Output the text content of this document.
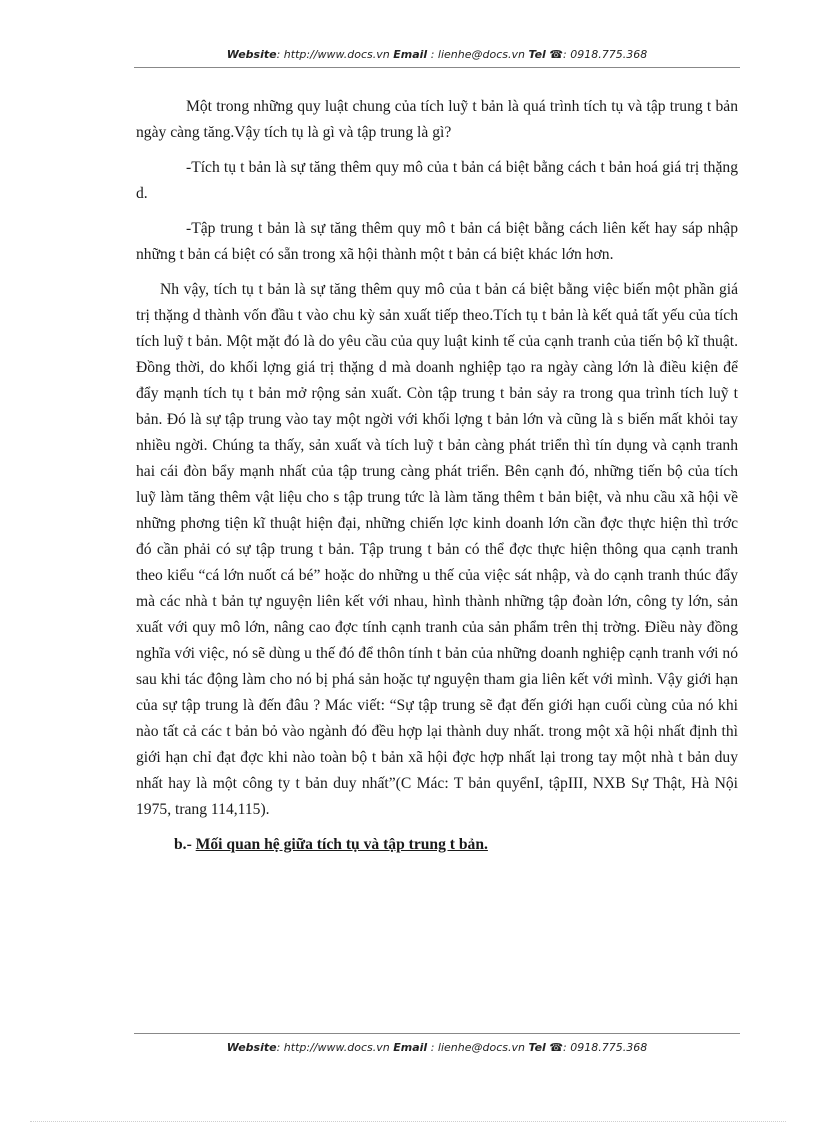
Website: http://www.docs.vn Email : lienhe@docs.vn Tel ☎: 0918.775.368

Một trong những quy luật chung của tích luỹ t bản là quá trình tích tụ và tập trung t bản ngày càng tăng.Vậy tích tụ là gì và tập trung là gì?

-Tích tụ t bản là sự tăng thêm quy mô của t bản cá biệt bằng cách t bản hoá giá trị thặng d.

-Tập trung t bản là sự tăng thêm quy mô t bản cá biệt bằng cách liên kết hay sáp nhập những t bản cá biệt có sẵn trong xã hội thành một t bản cá biệt khác lớn hơn.

Nh vậy, tích tụ t bản là sự tăng thêm quy mô của t bản cá biệt bằng việc biến một phần giá trị thặng d thành vốn đầu t vào chu kỳ sản xuất tiếp theo.Tích tụ t bản là kết quả tất yếu của tích tích luỹ t bản. Một mặt đó là do yêu cầu của quy luật kinh tế của cạnh tranh của tiến bộ kĩ thuật. Đồng thời, do khối lợng giá trị thặng d mà doanh nghiệp tạo ra ngày càng lớn là điều kiện để đẩy mạnh tích tụ t bản mở rộng sản xuất. Còn tập trung t bản sảy ra trong qua trình tích luỹ t bản. Đó là sự tập trung vào tay một ngời với khối lợng t bản lớn và cũng là s biến mất khỏi tay nhiều ngời. Chúng ta thấy, sản xuất và tích luỹ t bản càng phát triển thì tín dụng và cạnh tranh hai cái đòn bẩy mạnh nhất của tập trung càng phát triển. Bên cạnh đó, những tiến bộ của tích luỹ làm tăng thêm vật liệu cho s tập trung tức là làm tăng thêm t bản biệt, và nhu cầu xã hội về những phơng tiện kĩ thuật hiện đại, những chiến lợc kinh doanh lớn cần đợc thực hiện thì trớc đó cần phải có sự tập trung t bản. Tập trung t bản có thể đợc thực hiện thông qua cạnh tranh theo kiểu “cá lớn nuốt cá bé” hoặc do những u thế của việc sát nhập, và do cạnh tranh thúc đẩy mà các nhà t bản tự nguyện liên kết với nhau, hình thành những tập đoàn lớn, công ty lớn, sản xuất với quy mô lớn, nâng cao đợc tính cạnh tranh của sản phẩm trên thị trờng. Điều này đồng nghĩa với việc, nó sẽ dùng u thế đó để thôn tính t bản của những doanh nghiệp cạnh tranh với nó sau khi tác động làm cho nó bị phá sản hoặc tự nguyện tham gia liên kết với mình. Vậy giới hạn của sự tập trung là đến đâu ? Mác viết: “Sự tập trung sẽ đạt đến giới hạn cuối cùng của nó khi nào tất cả các t bản bỏ vào ngành đó đều hợp lại thành duy nhất. trong một xã hội nhất định thì giới hạn chỉ đạt đợc khi nào toàn bộ t bản xã hội đợc hợp nhất lại trong tay một nhà t bản duy nhất hay là một công ty t bản duy nhất”(C Mác: T bản quyểnI, tậpIII, NXB Sự Thật, Hà Nội 1975, trang 114,115).

b.- Mối quan hệ giữa tích tụ và tập trung t bản.
Website: http://www.docs.vn Email : lienhe@docs.vn Tel ☎: 0918.775.368
